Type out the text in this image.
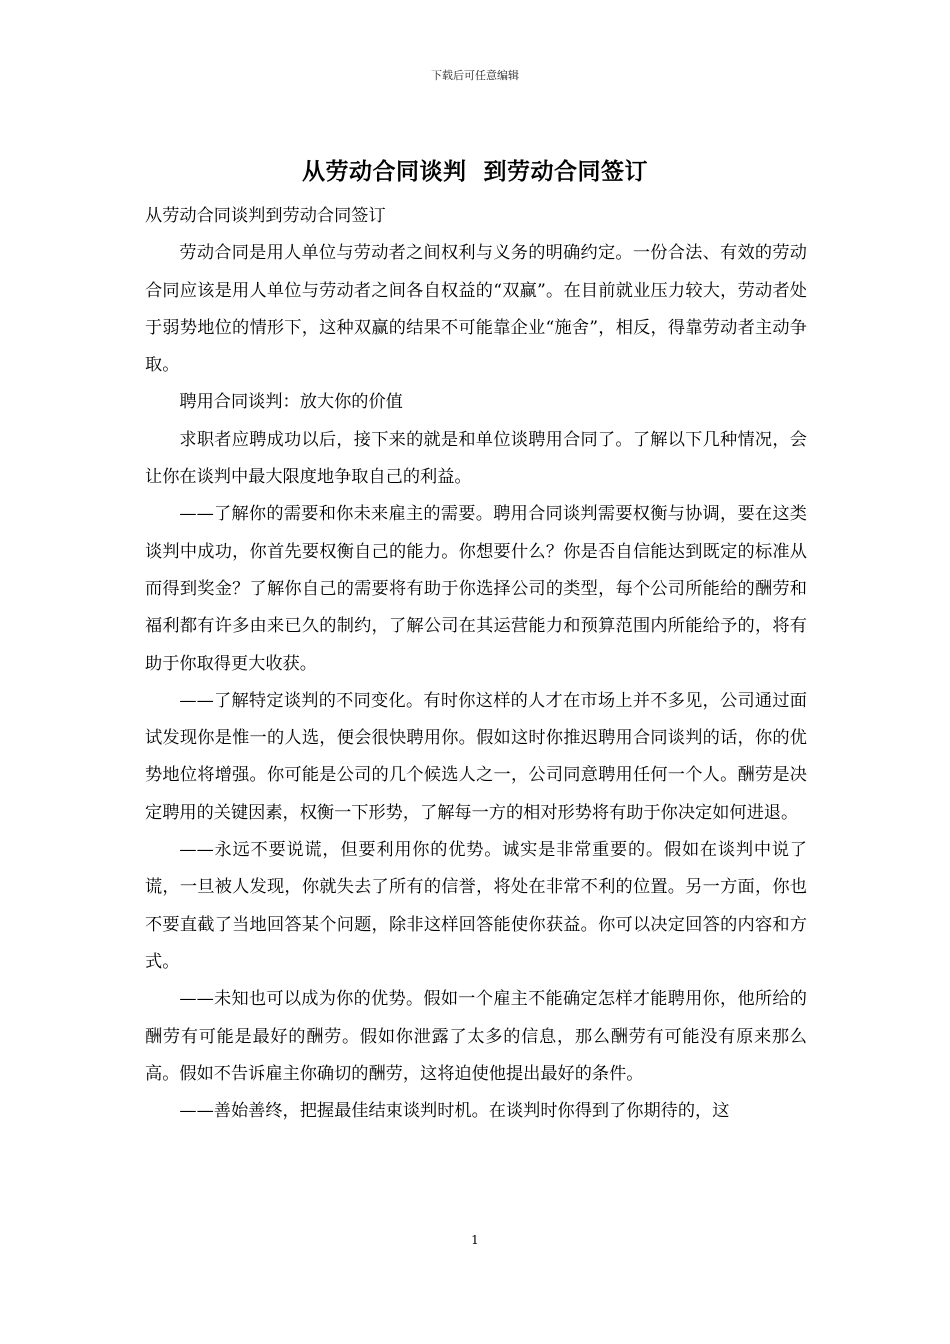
下载后可任意编辑
从劳动合同谈判  到劳动合同签订

从劳动合同谈判到劳动合同签订

劳动合同是用人单位与劳动者之间权利与义务的明确约定。一份合法、有效的劳动合同应该是用人单位与劳动者之间各自权益的“双赢”。在目前就业压力较大，劳动者处于弱势地位的情形下，这种双赢的结果不可能靠企业“施舍”，相反，得靠劳动者主动争取。

聘用合同谈判：放大你的价值

求职者应聘成功以后，接下来的就是和单位谈聘用合同了。了解以下几种情况，会让你在谈判中最大限度地争取自己的利益。

——了解你的需要和你未来雇主的需要。聘用合同谈判需要权衡与协调，要在这类谈判中成功，你首先要权衡自己的能力。你想要什么？你是否自信能达到既定的标准从而得到奖金？了解你自己的需要将有助于你选择公司的类型，每个公司所能给的酬劳和福利都有许多由来已久的制约，了解公司在其运营能力和预算范围内所能给予的，将有助于你取得更大收获。

——了解特定谈判的不同变化。有时你这样的人才在市场上并不多见，公司通过面试发现你是惟一的人选，便会很快聘用你。假如这时你推迟聘用合同谈判的话，你的优势地位将增强。你可能是公司的几个候选人之一，公司同意聘用任何一个人。酬劳是决定聘用的关键因素，权衡一下形势，了解每一方的相对形势将有助于你决定如何进退。

——永远不要说谎，但要利用你的优势。诚实是非常重要的。假如在谈判中说了谎，一旦被人发现，你就失去了所有的信誉，将处在非常不利的位置。另一方面，你也不要直截了当地回答某个问题，除非这样回答能使你获益。你可以决定回答的内容和方式。

——未知也可以成为你的优势。假如一个雇主不能确定怎样才能聘用你，他所给的酬劳有可能是最好的酬劳。假如你泄露了太多的信息，那么酬劳有可能没有原来那么高。假如不告诉雇主你确切的酬劳，这将迫使他提出最好的条件。

——善始善终，把握最佳结束谈判时机。在谈判时你得到了你期待的，这

1
